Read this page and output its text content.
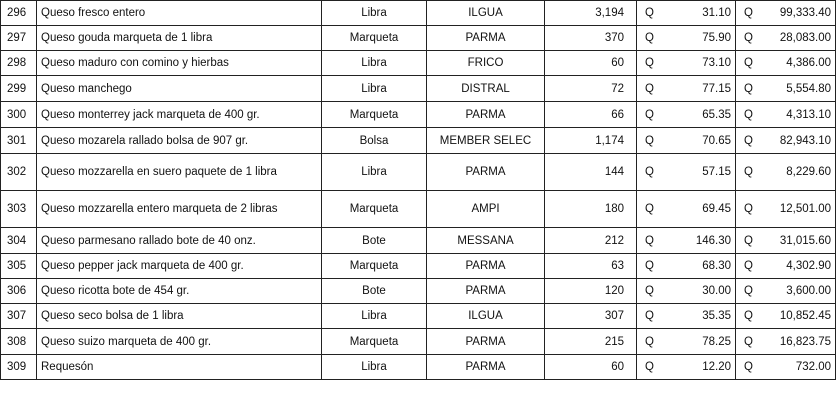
296	Queso fresco entero	Libra	ILGUA	3,194	Q	31.10	Q	99,333.40
297	Queso gouda marqueta de 1 libra	Marqueta	PARMA	370	Q	75.90	Q	28,083.00
298	Queso maduro con comino y hierbas	Libra	FRICO	60	Q	73.10	Q	4,386.00
299	Queso manchego	Libra	DISTRAL	72	Q	77.15	Q	5,554.80
300	Queso monterrey jack marqueta de 400 gr.	Marqueta	PARMA	66	Q	65.35	Q	4,313.10
301	Queso mozarela rallado bolsa de 907 gr.	Bolsa	MEMBER SELEC	1,174	Q	70.65	Q	82,943.10
302	Queso mozzarella en suero paquete de 1 libra	Libra	PARMA	144	Q	57.15	Q	8,229.60
303	Queso mozzarella entero marqueta de 2 libras	Marqueta	AMPI	180	Q	69.45	Q	12,501.00
304	Queso parmesano rallado bote de 40 onz.	Bote	MESSANA	212	Q	146.30	Q	31,015.60
305	Queso pepper jack marqueta de 400 gr.	Marqueta	PARMA	63	Q	68.30	Q	4,302.90
306	Queso ricotta bote de 454 gr.	Bote	PARMA	120	Q	30.00	Q	3,600.00
307	Queso seco bolsa de 1 libra	Libra	ILGUA	307	Q	35.35	Q	10,852.45
308	Queso suizo marqueta de 400 gr.	Marqueta	PARMA	215	Q	78.25	Q	16,823.75
309	Requesón	Libra	PARMA	60	Q	12.20	Q	732.00
